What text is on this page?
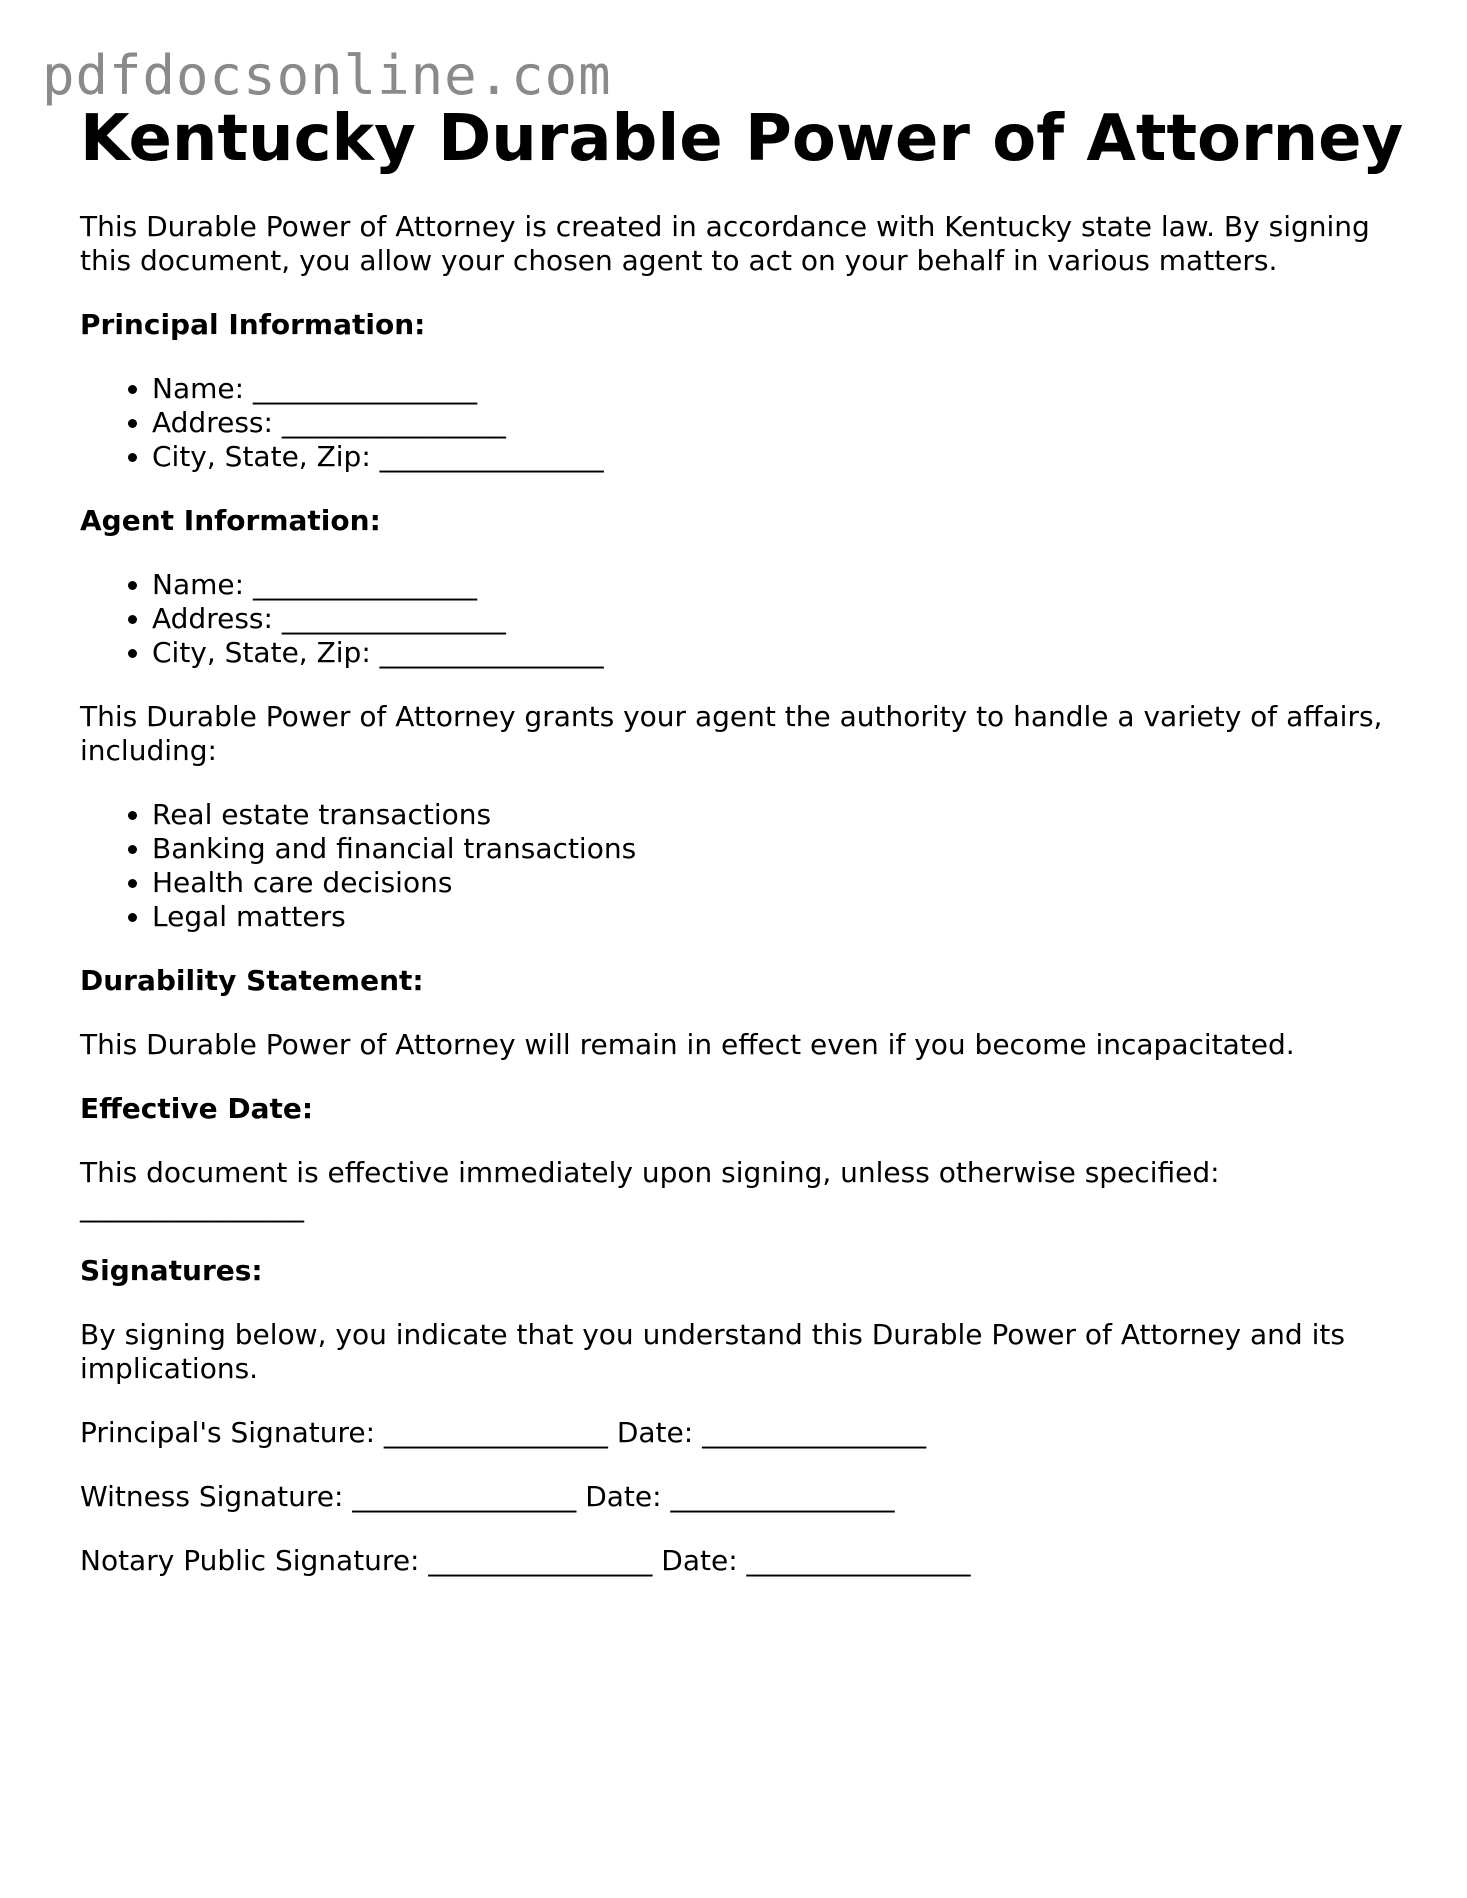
pdfdocsonline.com
Kentucky Durable Power of Attorney

This Durable Power of Attorney is created in accordance with Kentucky state law. By signing this document, you allow your chosen agent to act on your behalf in various matters.

Principal Information:

• Name: ________________
• Address: ________________
• City, State, Zip: ________________

Agent Information:

• Name: ________________
• Address: ________________
• City, State, Zip: ________________

This Durable Power of Attorney grants your agent the authority to handle a variety of affairs, including:

• Real estate transactions
• Banking and financial transactions
• Health care decisions
• Legal matters

Durability Statement:

This Durable Power of Attorney will remain in effect even if you become incapacitated.

Effective Date:

This document is effective immediately upon signing, unless otherwise specified: ________________

Signatures:

By signing below, you indicate that you understand this Durable Power of Attorney and its implications.

Principal's Signature: ________________ Date: ________________

Witness Signature: ________________ Date: ________________

Notary Public Signature: ________________ Date: ________________
